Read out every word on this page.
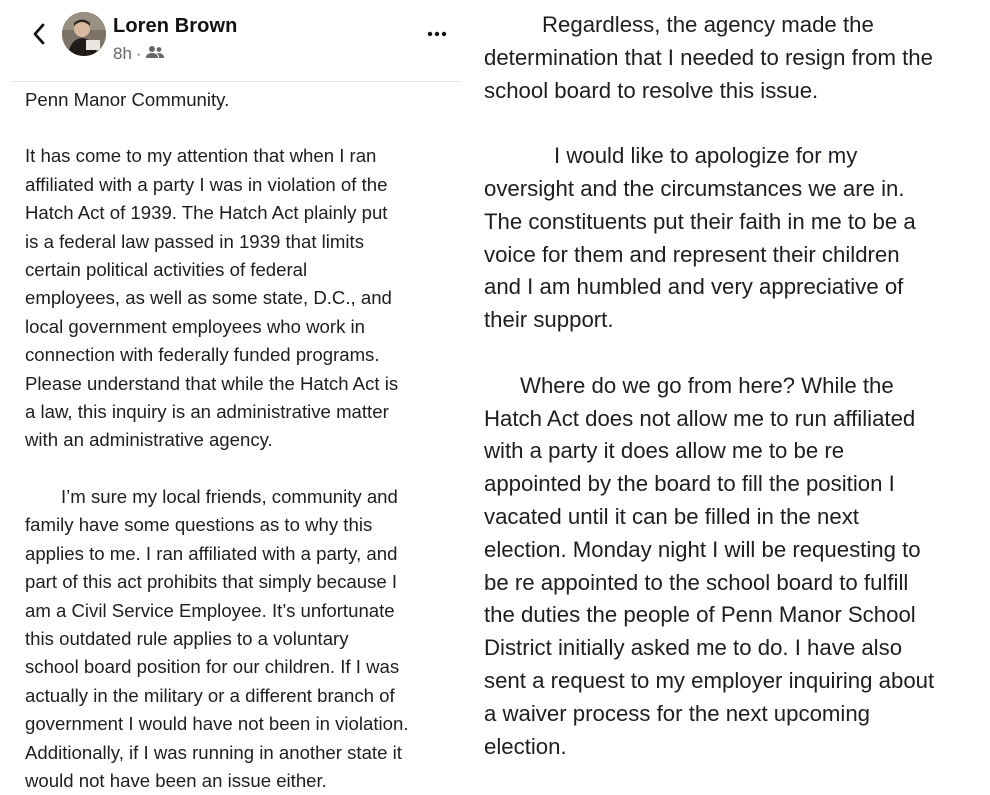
Loren Brown
8h ·

Penn Manor Community.

It has come to my attention that when I ran
affiliated with a party I was in violation of the
Hatch Act of 1939. The Hatch Act plainly put
is a federal law passed in 1939 that limits
certain political activities of federal
employees, as well as some state, D.C., and
local government employees who work in
connection with federally funded programs.
Please understand that while the Hatch Act is
a law, this inquiry is an administrative matter
with an administrative agency.

I’m sure my local friends, community and
family have some questions as to why this
applies to me. I ran affiliated with a party, and
part of this act prohibits that simply because I
am a Civil Service Employee. It’s unfortunate
this outdated rule applies to a voluntary
school board position for our children. If I was
actually in the military or a different branch of
government I would have not been in violation.
Additionally, if I was running in another state it
would not have been an issue either.

Regardless, the agency made the
determination that I needed to resign from the
school board to resolve this issue.

I would like to apologize for my
oversight and the circumstances we are in.
The constituents put their faith in me to be a
voice for them and represent their children
and I am humbled and very appreciative of
their support.

Where do we go from here? While the
Hatch Act does not allow me to run affiliated
with a party it does allow me to be re
appointed by the board to fill the position I
vacated until it can be filled in the next
election. Monday night I will be requesting to
be re appointed to the school board to fulfill
the duties the people of Penn Manor School
District initially asked me to do. I have also
sent a request to my employer inquiring about
a waiver process for the next upcoming
election.
